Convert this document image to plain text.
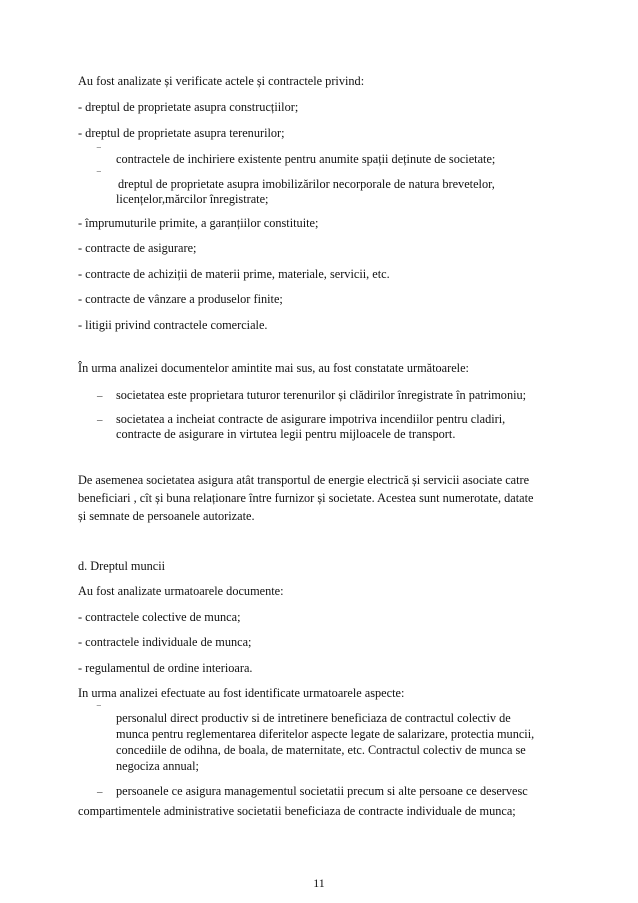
Au fost analizate și verificate actele și contractele privind:
- dreptul de proprietate asupra construcțiilor;
- dreptul de proprietate asupra terenurilor;
‾ contractele de inchiriere existente pentru anumite spații deținute de societate;
‾ dreptul de proprietate asupra imobilizărilor necorporale de natura brevetelor,
licențelor,mărcilor înregistrate;
- împrumuturile primite, a garanțiilor constituite;
- contracte de asigurare;
- contracte de achiziții de materii prime, materiale, servicii, etc.
- contracte de vânzare a produselor finite;
- litigii privind contractele comerciale.
În urma analizei documentelor amintite mai sus, au fost constatate următoarele:
_ societatea este proprietara tuturor terenurilor și clădirilor înregistrate în patrimoniu;
_ societatea a incheiat contracte de asigurare impotriva incendiilor pentru cladiri,
contracte de asigurare in virtutea legii pentru mijloacele de transport.
De asemenea societatea asigura atât transportul de energie electrică și servicii asociate catre
beneficiari , cît și buna relaționare între furnizor și societate. Acestea sunt numerotate, datate
și semnate de persoanele autorizate.
d. Dreptul muncii
Au fost analizate urmatoarele documente:
- contractele colective de munca;
- contractele individuale de munca;
- regulamentul de ordine interioara.
In urma analizei efectuate au fost identificate urmatoarele aspecte:
‾ personalul direct productiv si de intretinere beneficiaza de contractul colectiv de
munca pentru reglementarea diferitelor aspecte legate de salarizare, protectia muncii,
concediile de odihna, de boala, de maternitate, etc. Contractul colectiv de munca se
negociza annual;
_ persoanele ce asigura managementul societatii precum si alte persoane ce deservesc
compartimentele administrative societatii beneficiaza de contracte individuale de munca;
11
